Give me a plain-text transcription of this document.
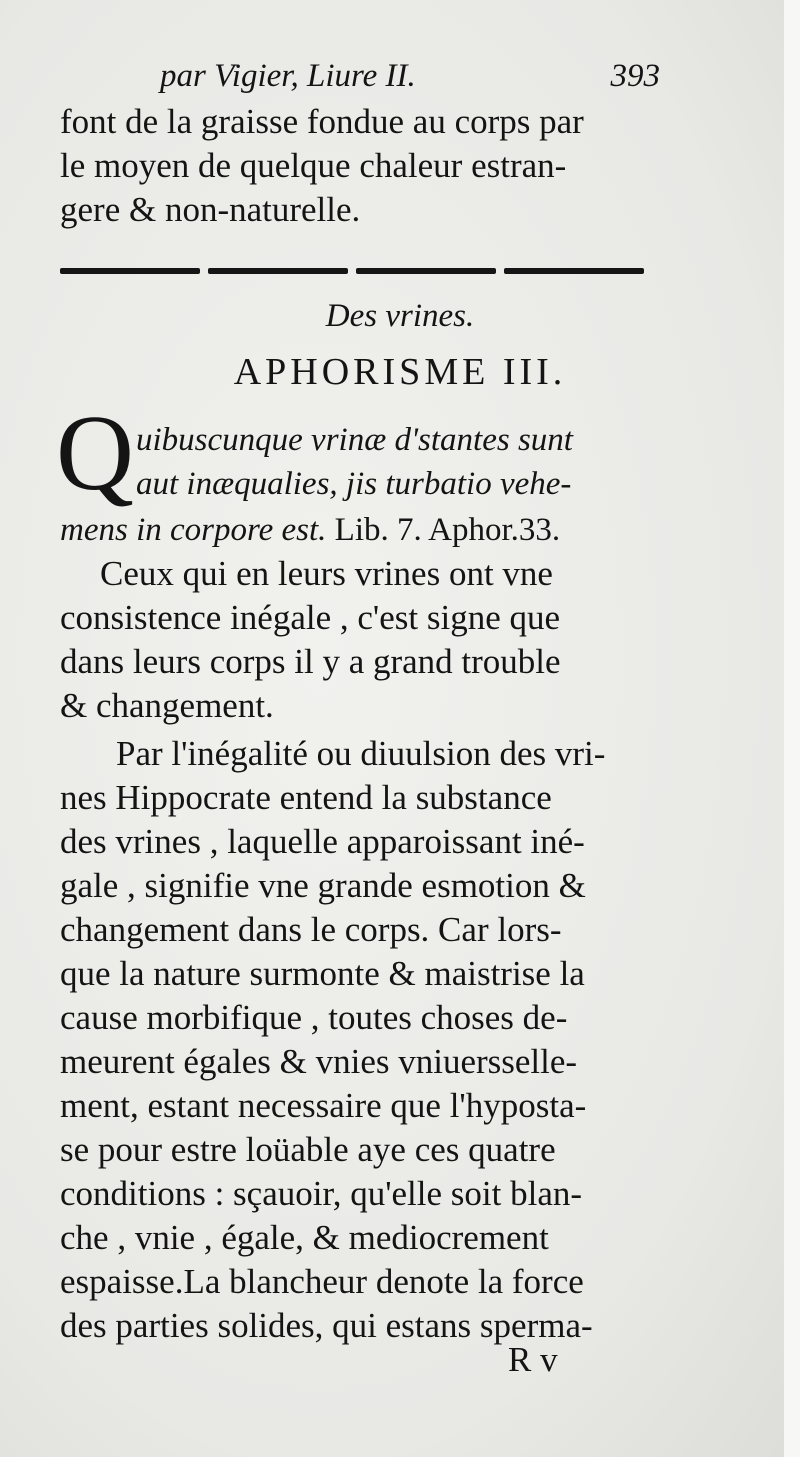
par Vigier, Liure II.	393
font de la graisse fondue au corps par
le moyen de quelque chaleur estran-
gere & non-naturelle.
Des vrines.
APHORISME III.
Q uibuscunque vrinæ d'stantes sunt
aut inæqualies, jis turbatio vehe-
mens in corpore est. Lib. 7. Aphor.33.
Ceux qui en leurs vrines ont vne
consistence inégale , c'est signe que
dans leurs corps il y a grand trouble
& changement.
Par l'inégalité ou diuulsion des vri-
nes Hippocrate entend la substance
des vrines , laquelle apparoissant iné-
gale , signifie vne grande esmotion &
changement dans le corps. Car lors-
que la nature surmonte & maistrise la
cause morbifique , toutes choses de-
meurent égales & vnies vniuersselle-
ment, estant necessaire que l'hyposta-
se pour estre loüable aye ces quatre
conditions : sçauoir, qu'elle soit blan-
che , vnie , égale, & mediocrement
espaisse.La blancheur denote la force
des parties solides, qui estans sperma-
R v
